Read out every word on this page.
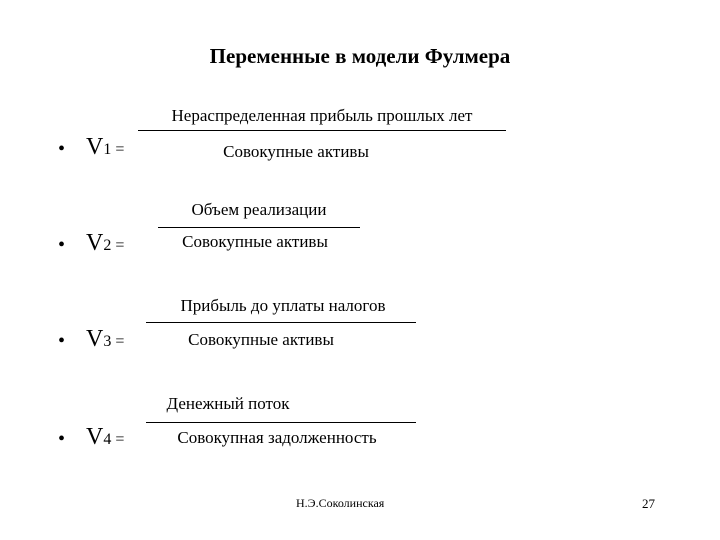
Переменные в модели Фулмера
• V1 =
Нераспределенная прибыль прошлых лет
Совокупные активы
• V2 =
Объем реализации
Совокупные активы
• V3 =
Прибыль до уплаты налогов
Совокупные активы
• V4 =
Денежный поток
Совокупная задолженность
Н.Э.Соколинская	27
